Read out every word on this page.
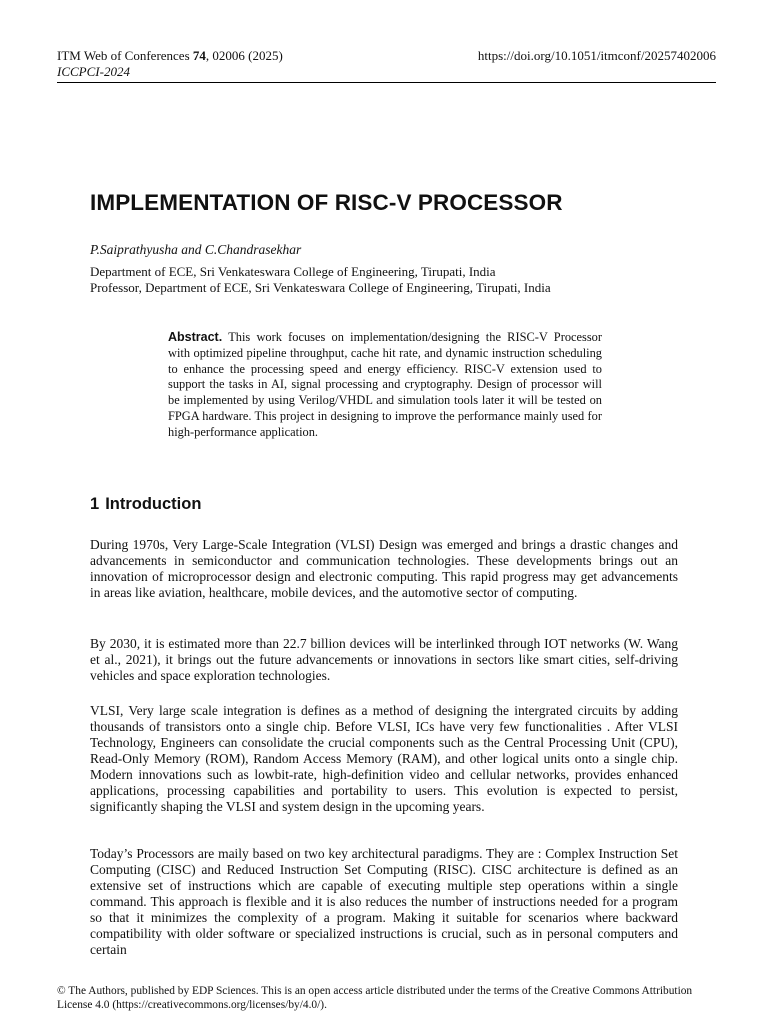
ITM Web of Conferences 74, 02006 (2025)	https://doi.org/10.1051/itmconf/20257402006
ICCPCI-2024
IMPLEMENTATION OF RISC-V PROCESSOR
P.Saiprathyusha and C.Chandrasekhar
Department of ECE, Sri Venkateswara College of Engineering, Tirupati, India
Professor, Department of ECE, Sri Venkateswara College of Engineering, Tirupati, India
Abstract. This work focuses on implementation/designing the RISC-V Processor with optimized pipeline throughput, cache hit rate, and dynamic instruction scheduling to enhance the processing speed and energy efficiency. RISC-V extension used to support the tasks in AI, signal processing and cryptography. Design of processor will be implemented by using Verilog/VHDL and simulation tools later it will be tested on FPGA hardware. This project in designing to improve the performance mainly used for high-performance application.
1 Introduction
During 1970s, Very Large-Scale Integration (VLSI) Design was emerged and brings a drastic changes and advancements in semiconductor and communication technologies. These developments brings out an innovation of microprocessor design and electronic computing. This rapid progress may get advancements in areas like aviation, healthcare, mobile devices, and the automotive sector of computing.
By 2030, it is estimated more than 22.7 billion devices will be interlinked through IOT networks (W. Wang et al., 2021), it brings out the future advancements or innovations in sectors like smart cities, self-driving vehicles and space exploration technologies.
VLSI, Very large scale integration is defines as a method of designing the intergrated circuits by adding thousands of transistors onto a single chip. Before VLSI, ICs have very few functionalities . After VLSI Technology, Engineers can consolidate the crucial components such as the Central Processing Unit (CPU), Read-Only Memory (ROM), Random Access Memory (RAM), and other logical units onto a single chip. Modern innovations such as lowbit-rate, high-definition video and cellular networks, provides enhanced applications, processing capabilities and portability to users. This evolution is expected to persist, significantly shaping the VLSI and system design in the upcoming years.
Today’s Processors are maily based on two key architectural paradigms. They are : Complex Instruction Set Computing (CISC) and Reduced Instruction Set Computing (RISC). CISC architecture is defined as an extensive set of instructions which are capable of executing multiple step operations within a single command. This approach is flexible and it is also reduces the number of instructions needed for a program so that it minimizes the complexity of a program. Making it suitable for scenarios where backward compatibility with older software or specialized instructions is crucial, such as in personal computers and certain
© The Authors, published by EDP Sciences. This is an open access article distributed under the terms of the Creative Commons Attribution License 4.0 (https://creativecommons.org/licenses/by/4.0/).
